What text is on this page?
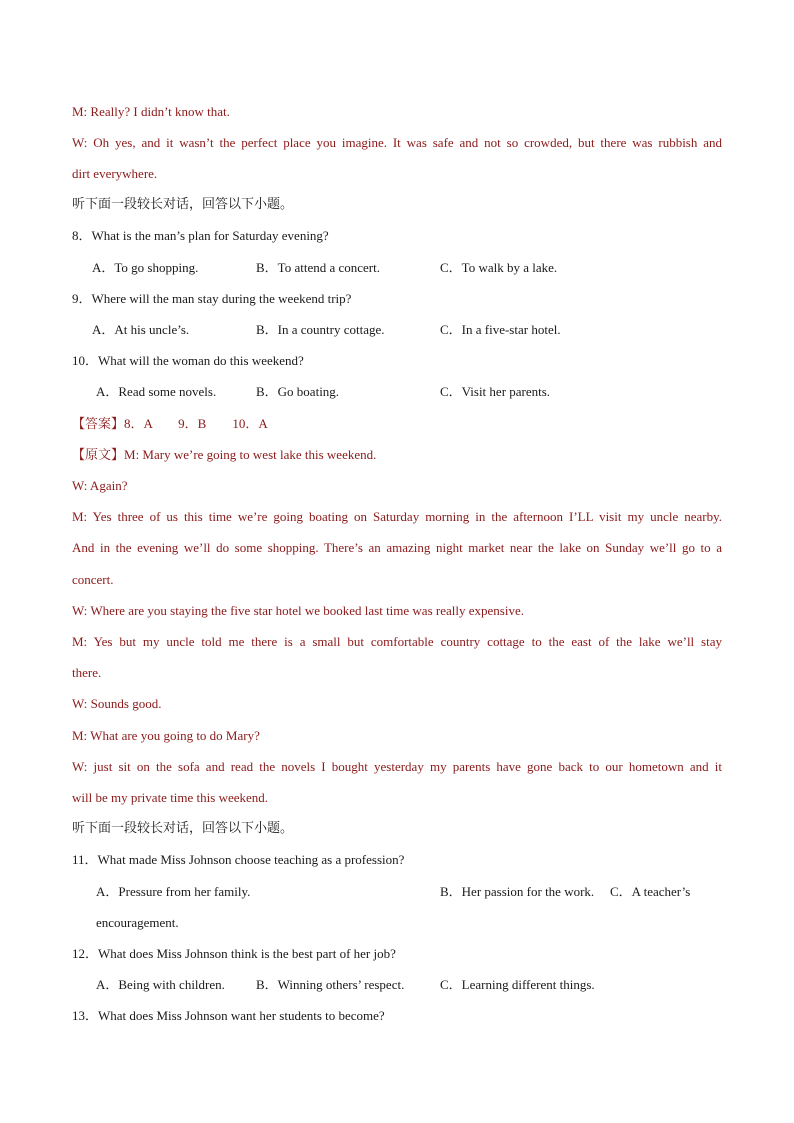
M: Really? I didn’t know that.
W: Oh yes, and it wasn’t the perfect place you imagine. It was safe and not so crowded, but there was rubbish and
dirt everywhere.
听下面一段较长对话，回答以下小题。
8．What is the man’s plan for Saturday evening?
A．To go shopping.	B．To attend a concert.	C．To walk by a lake.
9．Where will the man stay during the weekend trip?
A．At his uncle’s.	B．In a country cottage.	C．In a five-star hotel.
10．What will the woman do this weekend?
A．Read some novels.	B．Go boating.	C．Visit her parents.
【答案】8．A　　9．B　　10．A
【原文】M: Mary we’re going to west lake this weekend.
W: Again?
M: Yes three of us this time we’re going boating on Saturday morning in the afternoon I’LL visit my uncle nearby.
And in the evening we’ll do some shopping. There’s an amazing night market near the lake on Sunday we’ll go to a
concert.
W: Where are you staying the five star hotel we booked last time was really expensive.
M: Yes but my uncle told me there is a small but comfortable country cottage to the east of the lake we’ll stay
there.
W: Sounds good.
M: What are you going to do Mary?
W: just sit on the sofa and read the novels I bought yesterday my parents have gone back to our hometown and it
will be my private time this weekend.
听下面一段较长对话，回答以下小题。
11．What made Miss Johnson choose teaching as a profession?
A．Pressure from her family.	B．Her passion for the work. C．A teacher’s
encouragement.
12．What does Miss Johnson think is the best part of her job?
A．Being with children. B．Winning others’ respect.	C．Learning different things.
13．What does Miss Johnson want her students to become?
